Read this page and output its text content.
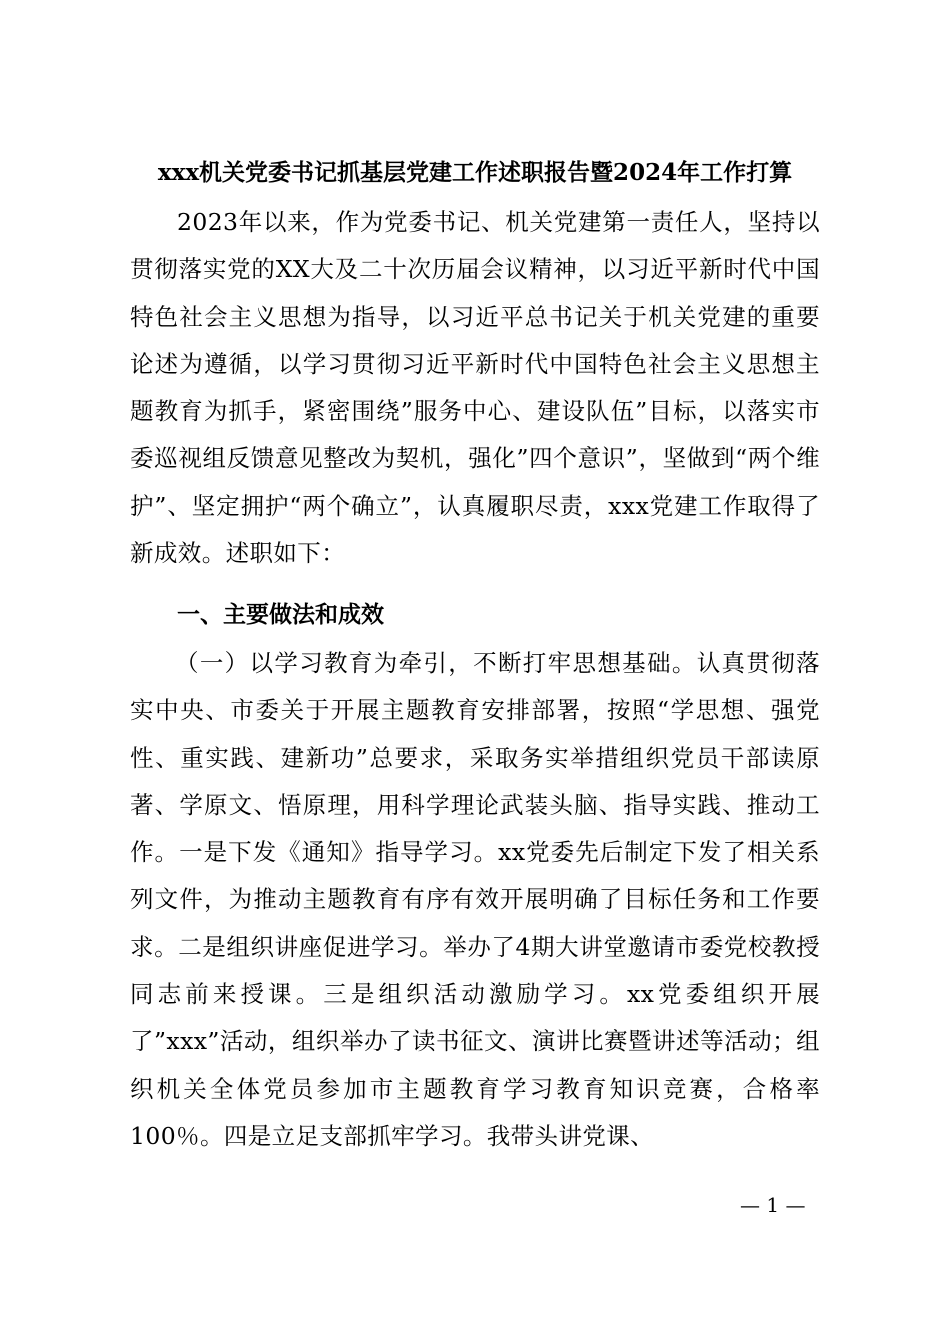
xxx机关党委书记抓基层党建工作述职报告暨2024年工作打算

2023年以来，作为党委书记、机关党建第一责任人，坚持以贯彻落实党的XX大及二十次历届会议精神，以习近平新时代中国特色社会主义思想为指导，以习近平总书记关于机关党建的重要论述为遵循，以学习贯彻习近平新时代中国特色社会主义思想主题教育为抓手，紧密围绕”服务中心、建设队伍”目标，以落实市委巡视组反馈意见整改为契机，强化”四个意识”，坚做到“两个维护”、坚定拥护“两个确立”，认真履职尽责，xxx党建工作取得了新成效。述职如下：

一、主要做法和成效

（一）以学习教育为牵引，不断打牢思想基础。认真贯彻落实中央、市委关于开展主题教育安排部署，按照“学思想、强党性、重实践、建新功”总要求，采取务实举措组织党员干部读原著、学原文、悟原理，用科学理论武装头脑、指导实践、推动工作。一是下发《通知》指导学习。xx党委先后制定下发了相关系列文件，为推动主题教育有序有效开展明确了目标任务和工作要求。二是组织讲座促进学习。举办了4期大讲堂邀请市委党校教授同志前来授课。三是组织活动激励学习。xx党委组织开展了”xxx”活动，组织举办了读书征文、演讲比赛暨讲述等活动；组织机关全体党员参加市主题教育学习教育知识竞赛，合格率100％。四是立足支部抓牢学习。我带头讲党课、

— 1 —
